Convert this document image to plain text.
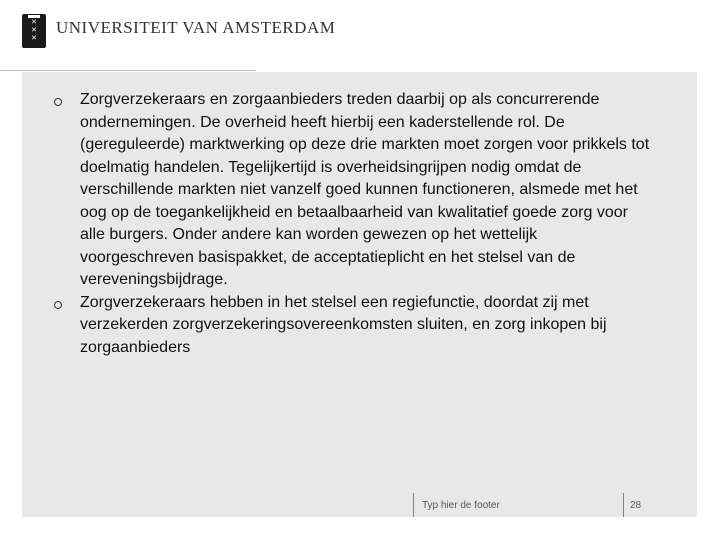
✕
✕
✕
UNIVERSITEIT VAN AMSTERDAM
Zorgverzekeraars en zorgaanbieders treden daarbij op als concurrerende ondernemingen. De overheid heeft hierbij een kaderstellende rol. De (gereguleerde) marktwerking op deze drie markten moet zorgen voor prikkels tot doelmatig handelen. Tegelijkertijd is overheidsingrijpen nodig omdat de verschillende markten niet vanzelf goed kunnen functioneren, alsmede met het oog op de toegankelijkheid en betaalbaarheid van kwalitatief goede zorg voor alle burgers. Onder andere kan worden gewezen op het wettelijk voorgeschreven basispakket, de acceptatieplicht en het stelsel van de vereveningsbijdrage.
Zorgverzekeraars hebben in het stelsel een regiefunctie, doordat zij met verzekerden zorgverzekeringsovereenkomsten sluiten, en zorg inkopen bij zorgaanbieders
Typ hier de footer	28
